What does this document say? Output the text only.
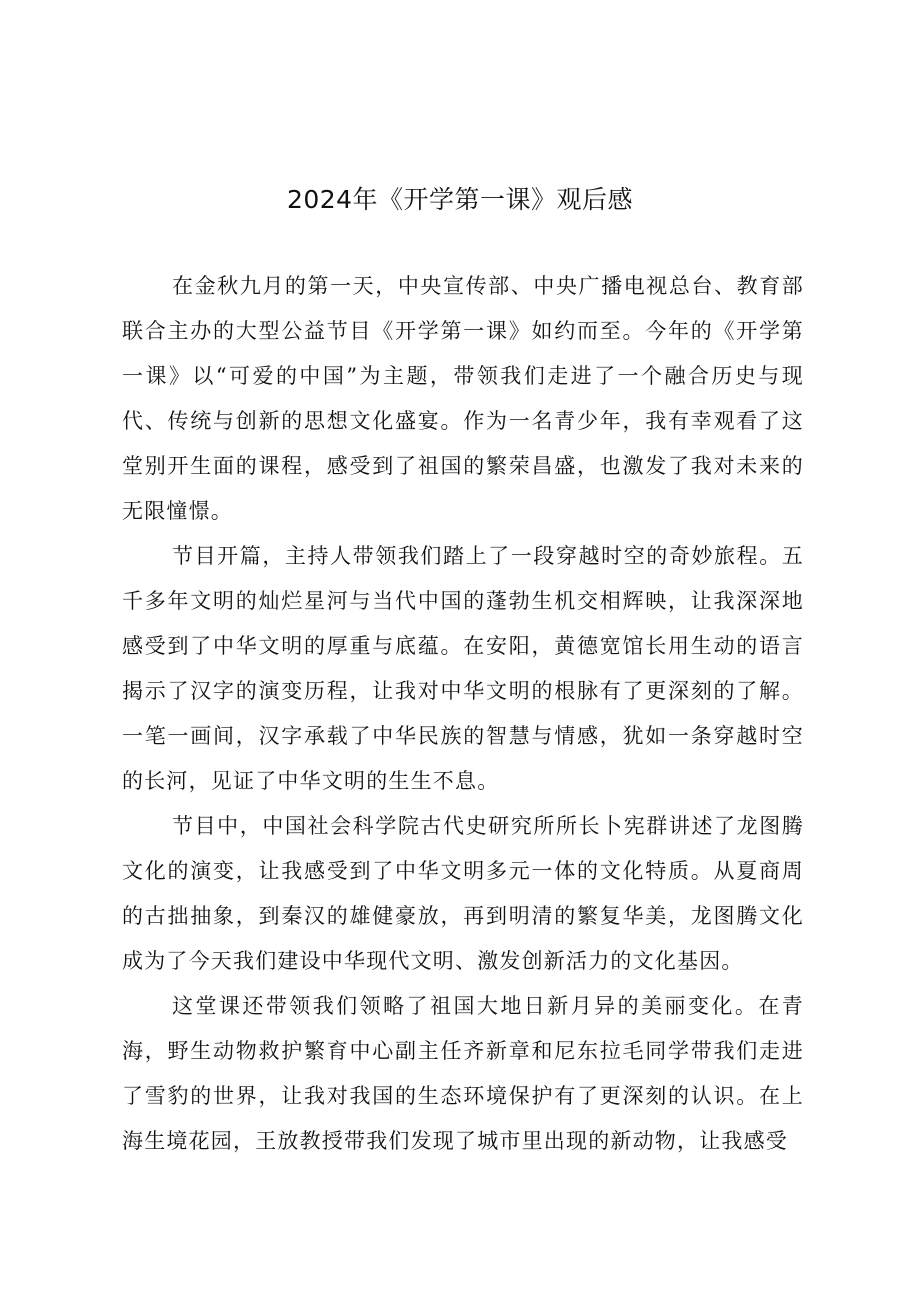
2024年《开学第一课》观后感

在金秋九月的第一天，中央宣传部、中央广播电视总台、教育部联合主办的大型公益节目《开学第一课》如约而至。今年的《开学第一课》以“可爱的中国”为主题，带领我们走进了一个融合历史与现代、传统与创新的思想文化盛宴。作为一名青少年，我有幸观看了这堂别开生面的课程，感受到了祖国的繁荣昌盛，也激发了我对未来的无限憧憬。

节目开篇，主持人带领我们踏上了一段穿越时空的奇妙旅程。五千多年文明的灿烂星河与当代中国的蓬勃生机交相辉映，让我深深地感受到了中华文明的厚重与底蕴。在安阳，黄德宽馆长用生动的语言揭示了汉字的演变历程，让我对中华文明的根脉有了更深刻的了解。一笔一画间，汉字承载了中华民族的智慧与情感，犹如一条穿越时空的长河，见证了中华文明的生生不息。

节目中，中国社会科学院古代史研究所所长卜宪群讲述了龙图腾文化的演变，让我感受到了中华文明多元一体的文化特质。从夏商周的古拙抽象，到秦汉的雄健豪放，再到明清的繁复华美，龙图腾文化成为了今天我们建设中华现代文明、激发创新活力的文化基因。

这堂课还带领我们领略了祖国大地日新月异的美丽变化。在青海，野生动物救护繁育中心副主任齐新章和尼东拉毛同学带我们走进了雪豹的世界，让我对我国的生态环境保护有了更深刻的认识。在上海生境花园，王放教授带我们发现了城市里出现的新动物，让我感受
